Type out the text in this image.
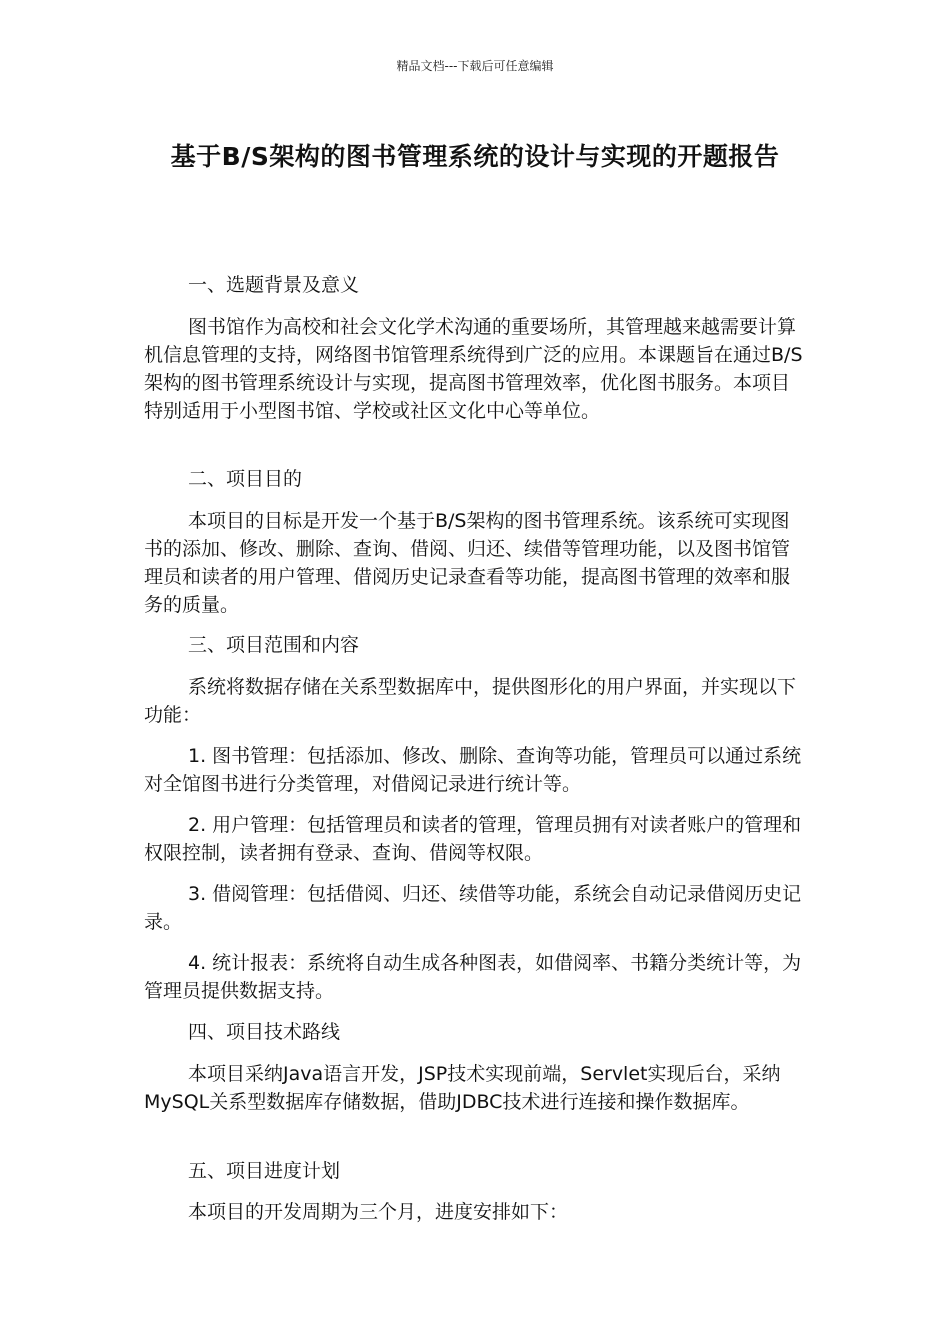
精品文档---下载后可任意编辑
基于B/S架构的图书管理系统的设计与实现的开题报告
一、选题背景及意义
图书馆作为高校和社会文化学术沟通的重要场所，其管理越来越需要计算机信息管理的支持，网络图书馆管理系统得到广泛的应用。本课题旨在通过B/S架构的图书管理系统设计与实现，提高图书管理效率，优化图书服务。本项目特别适用于小型图书馆、学校或社区文化中心等单位。
二、项目目的
本项目的目标是开发一个基于B/S架构的图书管理系统。该系统可实现图书的添加、修改、删除、查询、借阅、归还、续借等管理功能，以及图书馆管理员和读者的用户管理、借阅历史记录查看等功能，提高图书管理的效率和服务的质量。
三、项目范围和内容
系统将数据存储在关系型数据库中，提供图形化的用户界面，并实现以下功能：
1. 图书管理：包括添加、修改、删除、查询等功能，管理员可以通过系统对全馆图书进行分类管理，对借阅记录进行统计等。
2. 用户管理：包括管理员和读者的管理，管理员拥有对读者账户的管理和权限控制，读者拥有登录、查询、借阅等权限。
3. 借阅管理：包括借阅、归还、续借等功能，系统会自动记录借阅历史记录。
4. 统计报表：系统将自动生成各种图表，如借阅率、书籍分类统计等，为管理员提供数据支持。
四、项目技术路线
本项目采纳Java语言开发，JSP技术实现前端，Servlet实现后台，采纳MySQL关系型数据库存储数据，借助JDBC技术进行连接和操作数据库。
五、项目进度计划
本项目的开发周期为三个月，进度安排如下：
